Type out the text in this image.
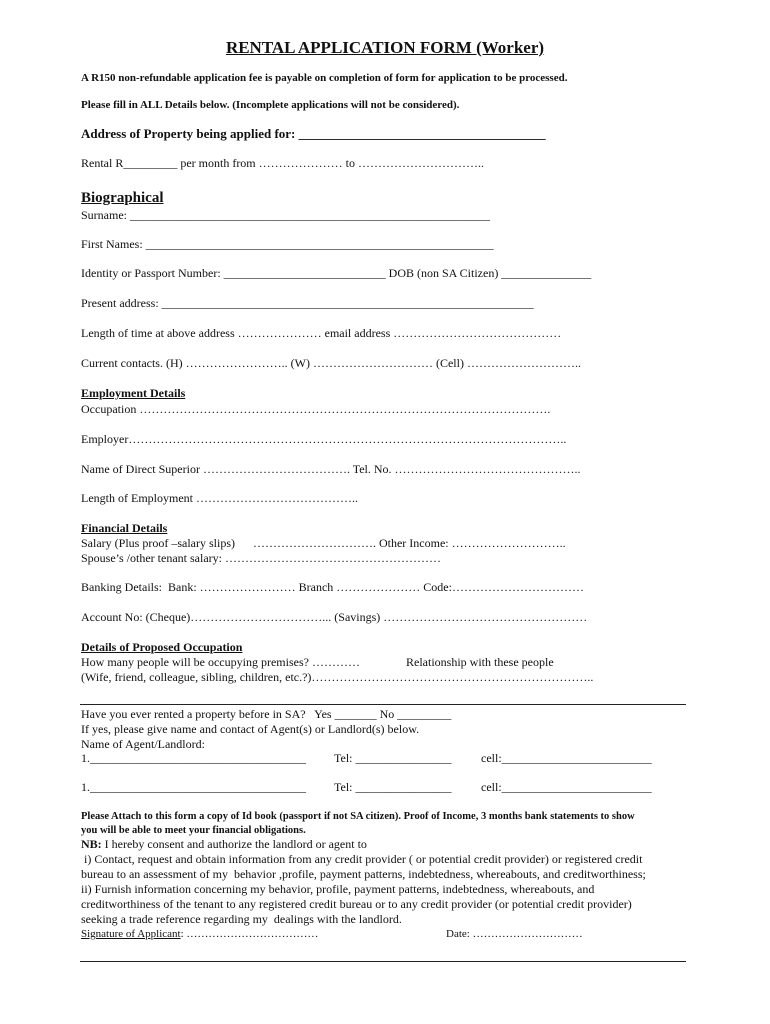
RENTAL APPLICATION FORM (Worker)
A R150 non-refundable application fee is payable on completion of form for application to be processed.
Please fill in ALL Details below. (Incomplete applications will not be considered).
Address of Property being applied for: ______________________________________
Rental R_________ per month from ………………… to …………………………..
Biographical
Surname: ____________________________________________________________
First Names: __________________________________________________________
Identity or Passport Number: ___________________________ DOB (non SA Citizen) _______________
Present address: ______________________________________________________________
Length of time at above address ………………… email address ……………………………………
Current contacts. (H) …………………….. (W) ………………………… (Cell) ………………………..
Employment Details
Occupation ………………………………………………………………………………………….
Employer………………………………………………………………………………………………..
Name of Direct Superior ………………………………. Tel. No. ………………………………………..
Length of Employment …………………………………..
Financial Details
Salary (Plus proof –salary slips)      …………………………. Other Income: ………………………..
Spouse’s /other tenant salary: ………………………………………………
Banking Details:  Bank: …………………… Branch ………………… Code:……………………………
Account No: (Cheque)……………………………... (Savings) ……………………………………………
Details of Proposed Occupation
How many people will be occupying premises? …………	Relationship with these people
(Wife, friend, colleague, sibling, children, etc.?)……………………………………………………………..
Have you ever rented a property before in SA?   Yes _______ No _________
If yes, please give name and contact of Agent(s) or Landlord(s) below.
Name of Agent/Landlord:
1.____________________________________ Tel: ________________ cell:_________________________
1.____________________________________ Tel: ________________ cell:_________________________
Please Attach to this form a copy of Id book (passport if not SA citizen). Proof of Income, 3 months bank statements to show
you will be able to meet your financial obligations.
NB: I hereby consent and authorize the landlord or agent to
i) Contact, request and obtain information from any credit provider ( or potential credit provider) or registered credit
bureau to an assessment of my  behavior ,profile, payment patterns, indebtedness, whereabouts, and creditworthiness;
ii) Furnish information concerning my behavior, profile, payment patterns, indebtedness, whereabouts, and
creditworthiness of the tenant to any registered credit bureau or to any credit provider (or potential credit provider)
seeking a trade reference regarding my  dealings with the landlord.
Signature of Applicant: ………………………………	Date: …………………………
